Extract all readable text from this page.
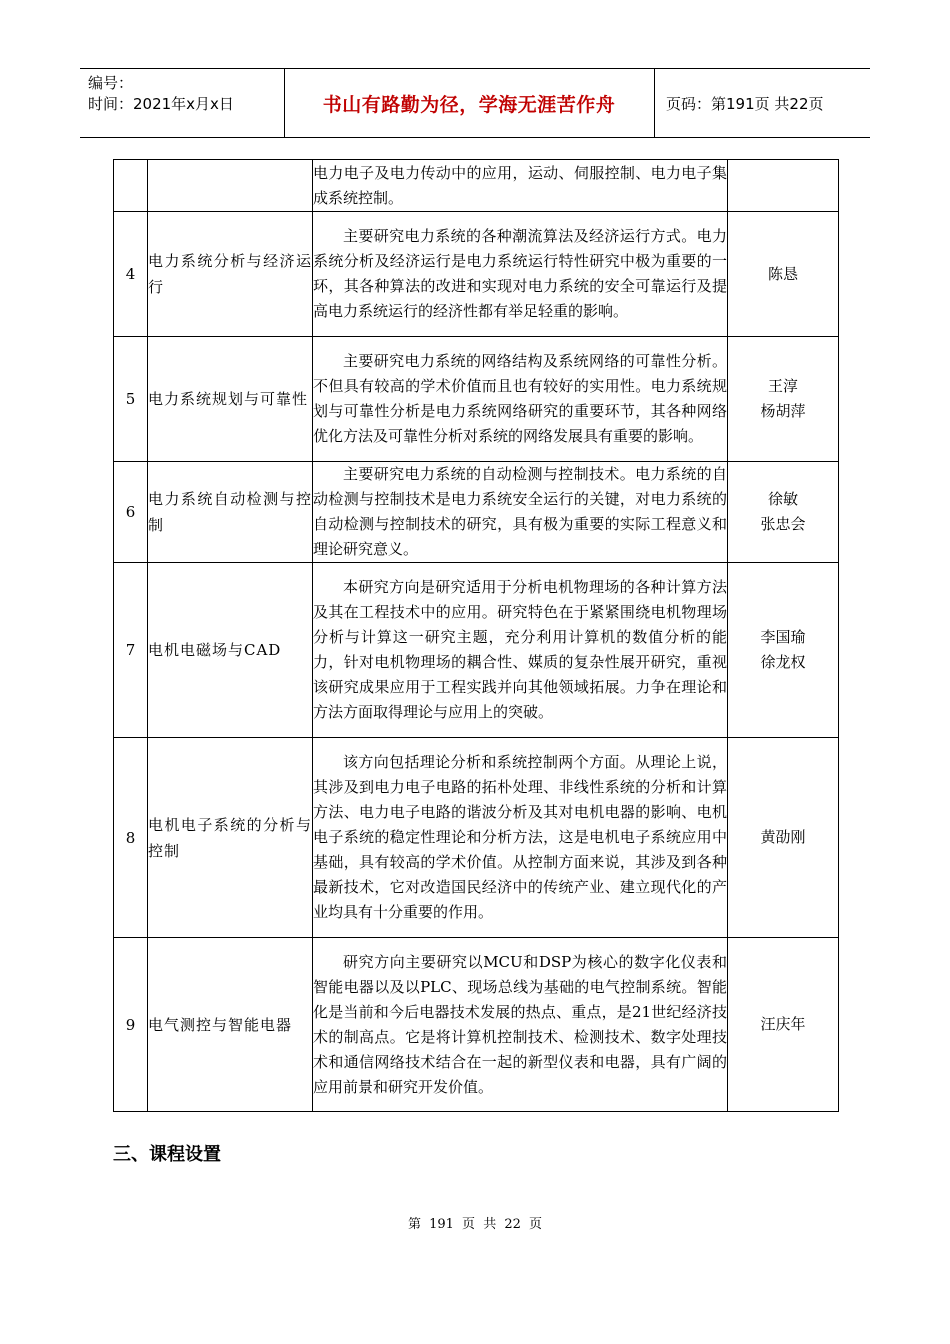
编号：
时间：2021年x月x日	书山有路勤为径，学海无涯苦作舟	页码：第191页 共22页
		电力电子及电力传动中的应用，运动、伺服控制、电力电子集成系统控制。	
4	电力系统分析与经济运行	主要研究电力系统的各种潮流算法及经济运行方式。电力系统分析及经济运行是电力系统运行特性研究中极为重要的一环，其各种算法的改进和实现对电力系统的安全可靠运行及提高电力系统运行的经济性都有举足轻重的影响。	陈恳
5	电力系统规划与可靠性	主要研究电力系统的网络结构及系统网络的可靠性分析。不但具有较高的学术价值而且也有较好的实用性。电力系统规划与可靠性分析是电力系统网络研究的重要环节，其各种网络优化方法及可靠性分析对系统的网络发展具有重要的影响。	王淳
杨胡萍
6	电力系统自动检测与控制	主要研究电力系统的自动检测与控制技术。电力系统的自动检测与控制技术是电力系统安全运行的关键，对电力系统的自动检测与控制技术的研究，具有极为重要的实际工程意义和理论研究意义。	徐敏
张忠会
7	电机电磁场与CAD	本研究方向是研究适用于分析电机物理场的各种计算方法及其在工程技术中的应用。研究特色在于紧紧围绕电机物理场分析与计算这一研究主题，充分利用计算机的数值分析的能力，针对电机物理场的耦合性、媒质的复杂性展开研究，重视该研究成果应用于工程实践并向其他领域拓展。力争在理论和方法方面取得理论与应用上的突破。	李国瑜
徐龙权
8	电机电子系统的分析与控制	该方向包括理论分析和系统控制两个方面。从理论上说，其涉及到电力电子电路的拓朴处理、非线性系统的分析和计算方法、电力电子电路的谐波分析及其对电机电器的影响、电机电子系统的稳定性理论和分析方法，这是电机电子系统应用中基础，具有较高的学术价值。从控制方面来说，其涉及到各种最新技术，它对改造国民经济中的传统产业、建立现代化的产业均具有十分重要的作用。	黄劭刚
9	电气测控与智能电器	研究方向主要研究以MCU和DSP为核心的数字化仪表和智能电器以及以PLC、现场总线为基础的电气控制系统。智能化是当前和今后电器技术发展的热点、重点，是21世纪经济技术的制高点。它是将计算机控制技术、检测技术、数字处理技术和通信网络技术结合在一起的新型仪表和电器，具有广阔的应用前景和研究开发价值。	汪庆年
三、课程设置
第 191 页 共 22 页
